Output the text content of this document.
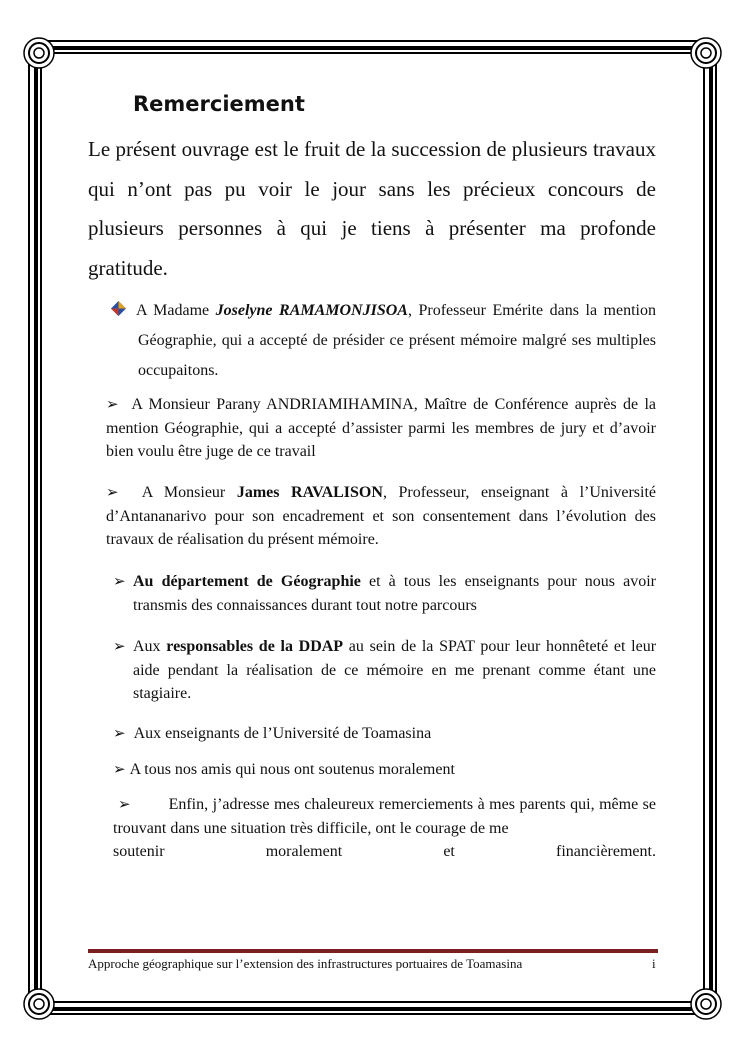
Remerciement

Le présent ouvrage est le fruit de la succession de plusieurs travaux qui n’ont pas pu voir le jour sans les précieux concours de plusieurs personnes à qui je tiens à présenter ma profonde gratitude.

A Madame Joselyne RAMAMONJISOA, Professeur Emérite dans la mention Géographie, qui a accepté de présider ce présent mémoire malgré ses multiples occupaitons.

➢ A Monsieur Parany ANDRIAMIHAMINA, Maître de Conférence auprès de la mention Géographie, qui a accepté d’assister parmi les membres de jury et d’avoir bien voulu être juge de ce travail

➢ A Monsieur James RAVALISON, Professeur, enseignant à l’Université d’Antananarivo pour son encadrement et son consentement dans l’évolution des travaux de réalisation du présent mémoire.

➢ Au département de Géographie et à tous les enseignants pour nous avoir transmis des connaissances durant tout notre parcours

➢ Aux responsables de la DDAP au sein de la SPAT pour leur honnêteté et leur aide pendant la réalisation de ce mémoire en me prenant comme étant une stagiaire.

➢ Aux enseignants de l’Université de Toamasina

➢ A tous nos amis qui nous ont soutenus moralement

➢ Enfin, j’adresse mes chaleureux remerciements à mes parents qui, même se trouvant dans une situation très difficile, ont le courage de me

soutenir	moralement	et	financièrement.
Approche géographique sur l’extension des infrastructures portuaires de Toamasina	i
